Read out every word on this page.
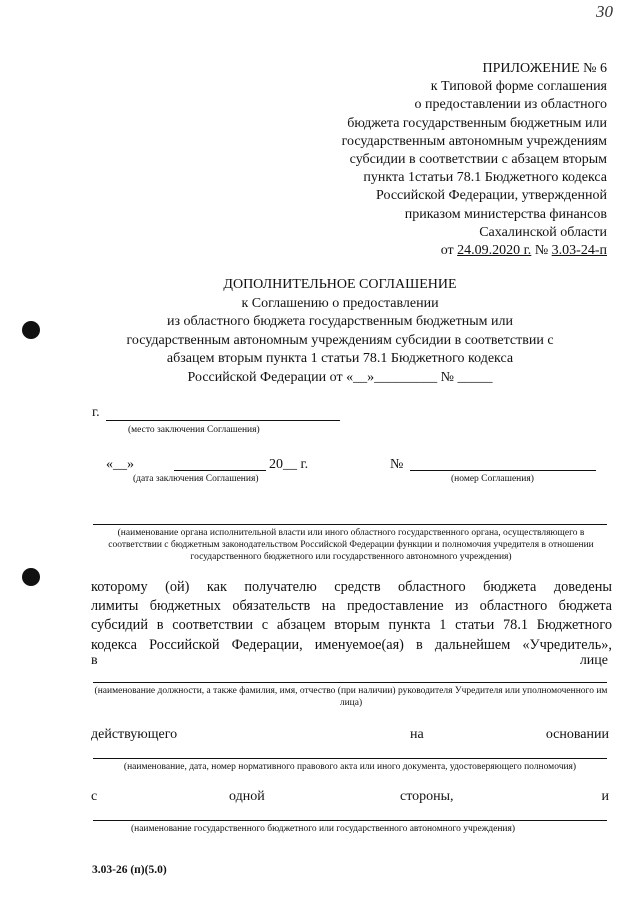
30
ПРИЛОЖЕНИЕ № 6
к Типовой форме соглашения
о предоставлении из областного
бюджета государственным бюджетным или
государственным автономным учреждениям
субсидии в соответствии с абзацем вторым
пункта 1статьи 78.1 Бюджетного кодекса
Российской Федерации, утвержденной
приказом министерства финансов
Сахалинской области
от 24.09.2020 г. № 3.03-24-п
ДОПОЛНИТЕЛЬНОЕ СОГЛАШЕНИЕ
к Соглашению о предоставлении
из областного бюджета государственным бюджетным или
государственным автономным учреждениям субсидии в соответствии с
абзацем вторым пункта 1 статьи 78.1 Бюджетного кодекса
Российской Федерации от «__»_________ № _____
г.
(место заключения Соглашения)
«__»	20__ г.
(дата заключения Соглашения)
№
(номер Соглашения)
(наименование органа исполнительной власти или иного областного государственного органа, осуществляющего в соответствии с бюджетным законодательством Российской Федерации функции и полномочия учредителя в отношении государственного бюджетного или государственного автономного учреждения)
которому (ой) как получателю средств областного бюджета доведены
лимиты бюджетных обязательств на предоставление из областного бюджета
субсидий в соответствии с абзацем вторым пункта 1 статьи 78.1 Бюджетного
кодекса Российской Федерации, именуемое(ая) в дальнейшем «Учредитель»,
в	лице
(наименование должности, а также фамилия, имя, отчество (при наличии) руководителя Учредителя или уполномоченного им лица)
действующего	на	основании
(наименование, дата, номер нормативного правового акта или иного документа, удостоверяющего полномочия)
с	одной	стороны,	и
(наименование государственного бюджетного или государственного автономного учреждения)
3.03-26 (п)(5.0)
